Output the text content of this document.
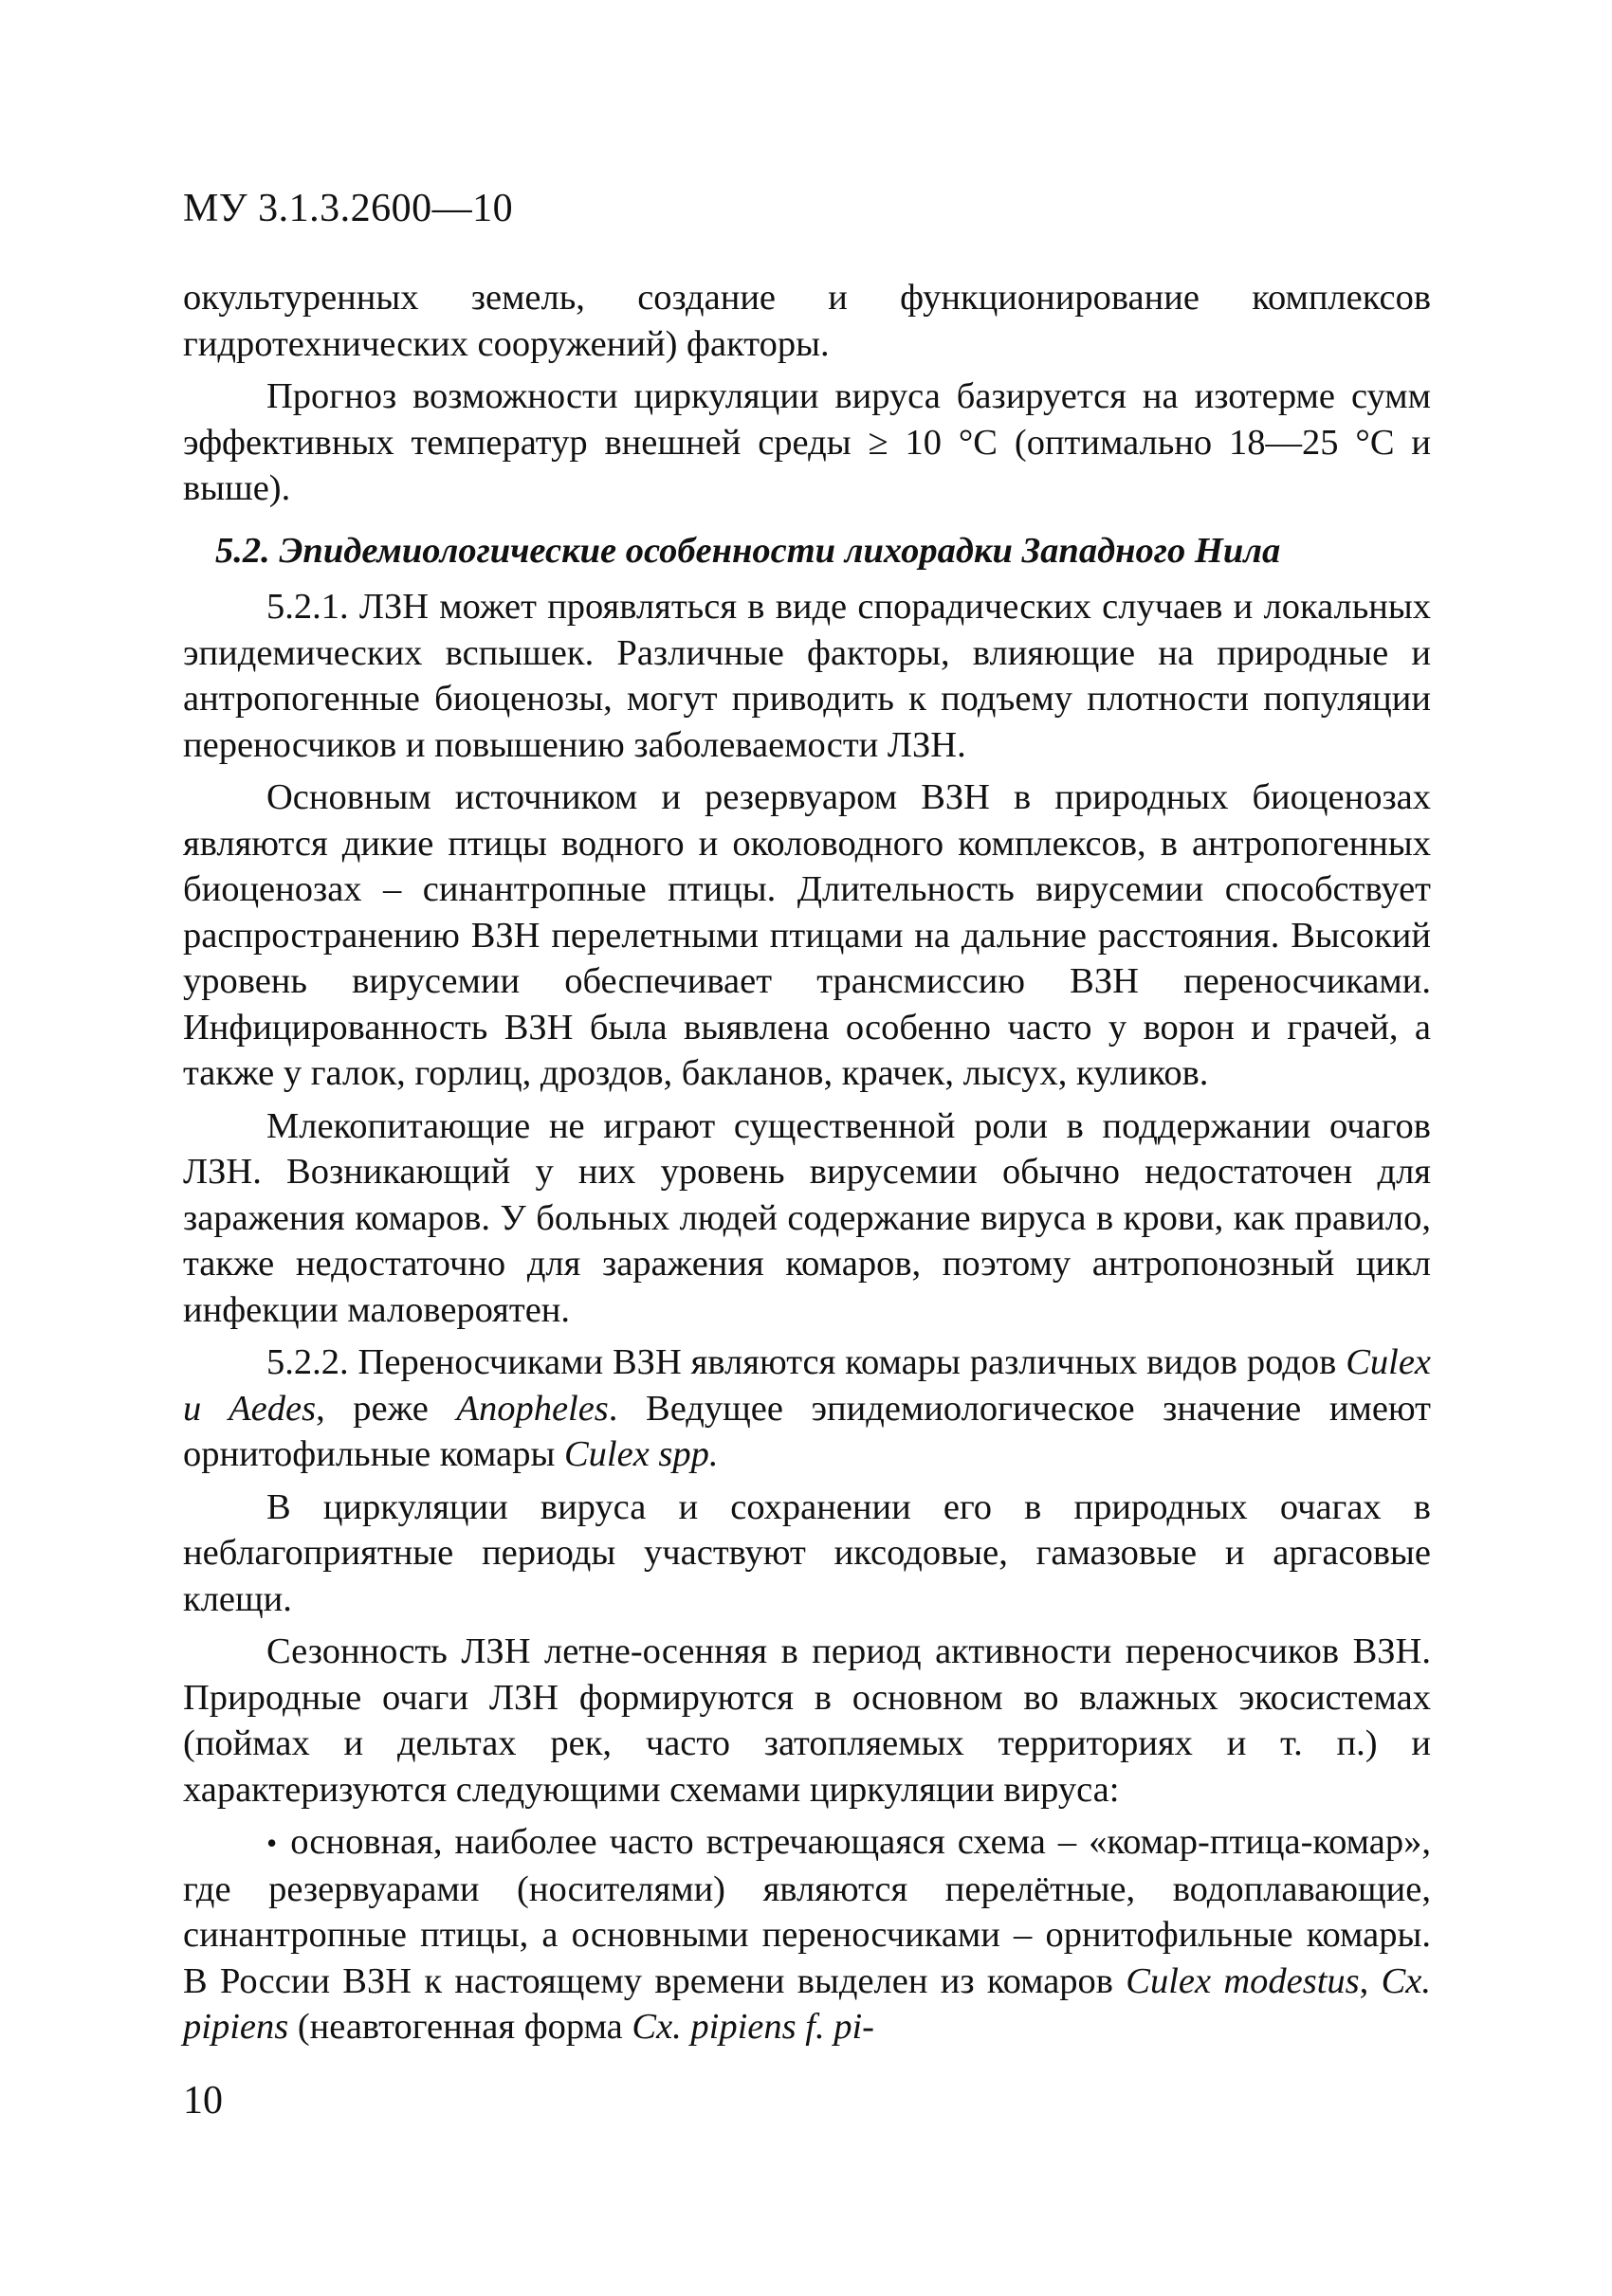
МУ 3.1.3.2600—10

окультуренных земель, создание и функционирование комплексов гидротехнических сооружений) факторы.

Прогноз возможности циркуляции вируса базируется на изотерме сумм эффективных температур внешней среды ≥ 10 °С (оптимально 18—25 °С и выше).

5.2. Эпидемиологические особенности лихорадки Западного Нила

5.2.1. ЛЗН может проявляться в виде спорадических случаев и локальных эпидемических вспышек. Различные факторы, влияющие на природные и антропогенные биоценозы, могут приводить к подъему плотности популяции переносчиков и повышению заболеваемости ЛЗН.

Основным источником и резервуаром ВЗН в природных биоценозах являются дикие птицы водного и околоводного комплексов, в антропогенных биоценозах – синантропные птицы. Длительность вирусемии способствует распространению ВЗН перелетными птицами на дальние расстояния. Высокий уровень вирусемии обеспечивает трансмиссию ВЗН переносчиками. Инфицированность ВЗН была выявлена особенно часто у ворон и грачей, а также у галок, горлиц, дроздов, бакланов, крачек, лысух, куликов.

Млекопитающие не играют существенной роли в поддержании очагов ЛЗН. Возникающий у них уровень вирусемии обычно недостаточен для заражения комаров. У больных людей содержание вируса в крови, как правило, также недостаточно для заражения комаров, поэтому антропонозный цикл инфекции маловероятен.

5.2.2. Переносчиками ВЗН являются комары различных видов родов Culex u Aedes, реже Anopheles. Ведущее эпидемиологическое значение имеют орнитофильные комары Culex spp.

В циркуляции вируса и сохранении его в природных очагах в неблагоприятные периоды участвуют иксодовые, гамазовые и аргасовые клещи.

Сезонность ЛЗН летне-осенняя в период активности переносчиков ВЗН. Природные очаги ЛЗН формируются в основном во влажных экосистемах (поймах и дельтах рек, часто затопляемых территориях и т. п.) и характеризуются следующими схемами циркуляции вируса:

• основная, наиболее часто встречающаяся схема – «комар-птица-комар», где резервуарами (носителями) являются перелётные, водоплавающие, синантропные птицы, а основными переносчиками – орнитофильные комары. В России ВЗН к настоящему времени выделен из комаров Culex modestus, Cx. pipiens (неавтогенная форма Cx. pipiens f. pi-

10
